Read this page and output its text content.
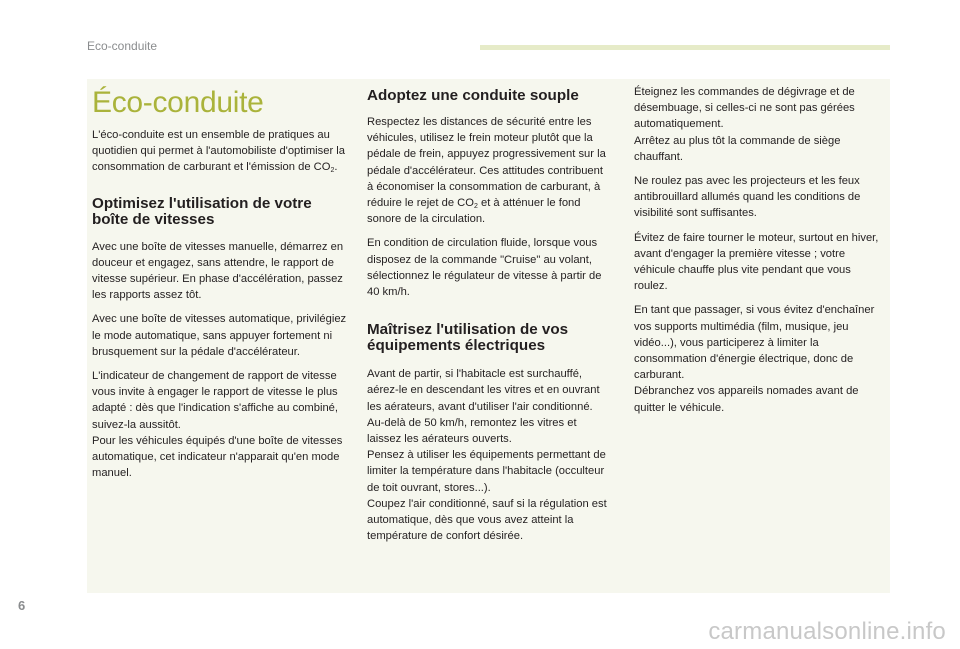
Eco-conduite
Éco-conduite

L'éco-conduite est un ensemble de pratiques au quotidien qui permet à l'automobiliste d'optimiser la consommation de carburant et l'émission de $CO_2$.

Optimisez l'utilisation de votre boîte de vitesses

Avec une boîte de vitesses manuelle, démarrez en douceur et engagez, sans attendre, le rapport de vitesse supérieur. En phase d'accélération, passez les rapports assez tôt.

Avec une boîte de vitesses automatique, privilégiez le mode automatique, sans appuyer fortement ni brusquement sur la pédale d'accélérateur.

L'indicateur de changement de rapport de vitesse vous invite à engager le rapport de vitesse le plus adapté : dès que l'indication s'affiche au combiné, suivez-la aussitôt.

Pour les véhicules équipés d'une boîte de vitesses automatique, cet indicateur n'apparait qu'en mode manuel.

Adoptez une conduite souple

Respectez les distances de sécurité entre les véhicules, utilisez le frein moteur plutôt que la pédale de frein, appuyez progressivement sur la pédale d'accélérateur. Ces attitudes contribuent à économiser la consommation de carburant, à réduire le rejet de $CO_2$ et à atténuer le fond sonore de la circulation.

En condition de circulation fluide, lorsque vous disposez de la commande "Cruise" au volant, sélectionnez le régulateur de vitesse à partir de 40 km/h.

Maîtrisez l'utilisation de vos équipements électriques

Avant de partir, si l'habitacle est surchauffé, aérez-le en descendant les vitres et en ouvrant les aérateurs, avant d'utiliser l'air conditionné.

Au-delà de 50 km/h, remontez les vitres et laissez les aérateurs ouverts.

Pensez à utiliser les équipements permettant de limiter la température dans l'habitacle (occulteur de toit ouvrant, stores...).

Coupez l'air conditionné, sauf si la régulation est automatique, dès que vous avez atteint la température de confort désirée.

Éteignez les commandes de dégivrage et de désembuage, si celles-ci ne sont pas gérées automatiquement.

Arrêtez au plus tôt la commande de siège chauffant.

Ne roulez pas avec les projecteurs et les feux antibrouillard allumés quand les conditions de visibilité sont suffisantes.

Évitez de faire tourner le moteur, surtout en hiver, avant d'engager la première vitesse ; votre véhicule chauffe plus vite pendant que vous roulez.

En tant que passager, si vous évitez d'enchaîner vos supports multimédia (film, musique, jeu vidéo...), vous participerez à limiter la consommation d'énergie électrique, donc de carburant.

Débranchez vos appareils nomades avant de quitter le véhicule.

6
carmanualsonline.info
